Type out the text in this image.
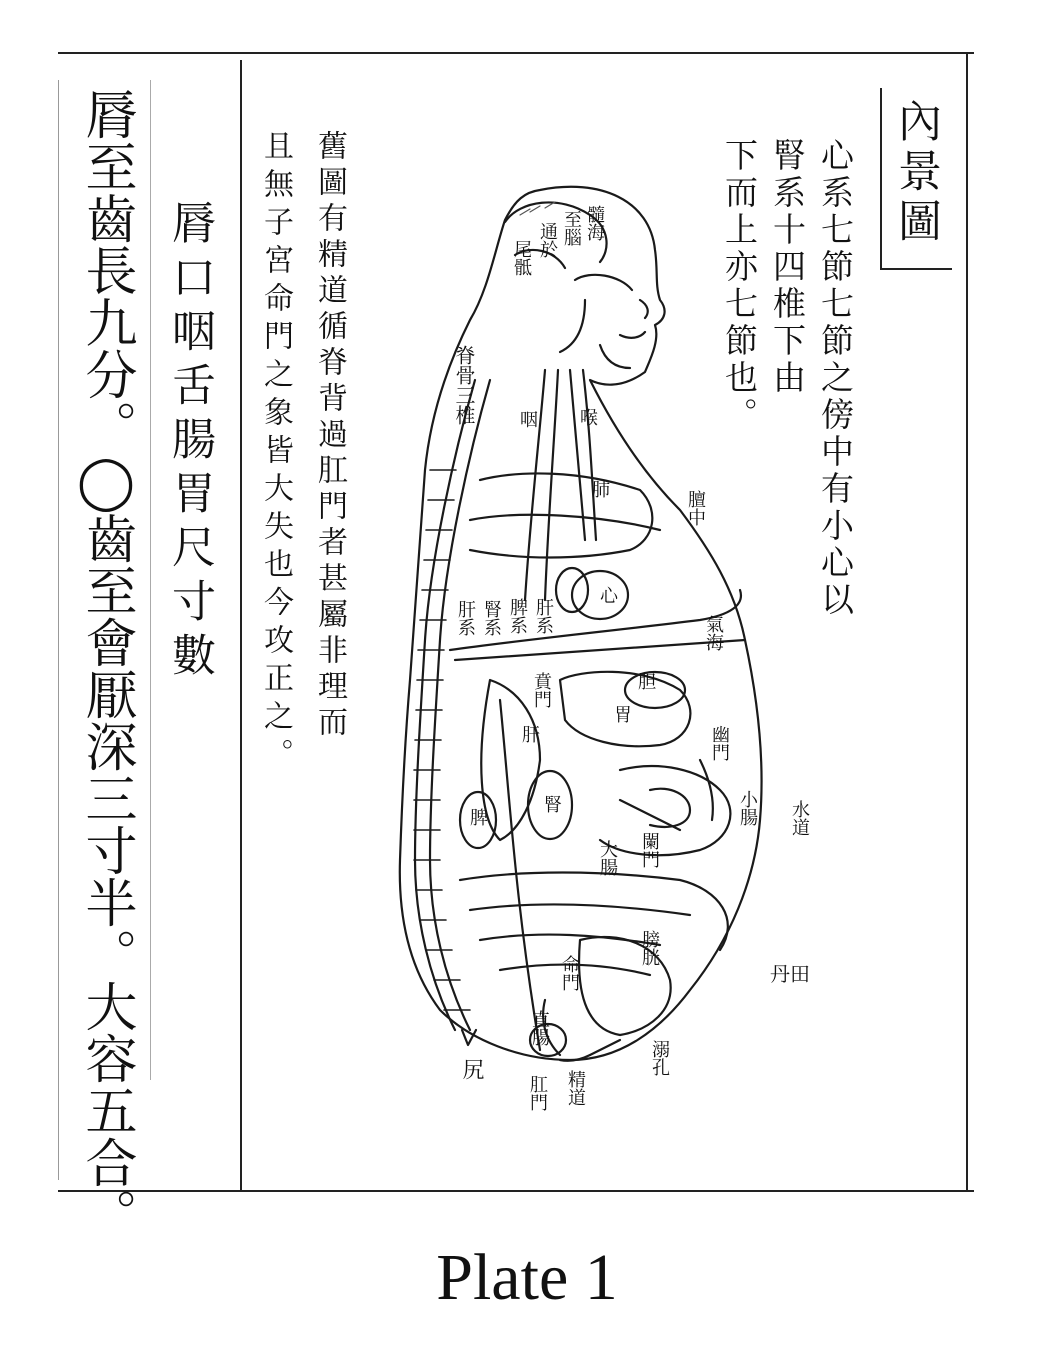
內景圖
心系七節七節之傍中有小心以
腎系十四椎下由
下而上亦七節也。
舊圖有精道循脊背過肛門者甚屬非理而
且無子宮命門之象皆大失也今攻正之。
脣至齒長九分。◯齒至會厭深三寸半。大容五合。 脣口咽舌腸胃尺寸數	髓海
至腦
通於
尾骶
脊骨三椎	喉
咽
肺
膻中
心
肝系 腎系 脾系 肝系	氣海
賁門	胆
胃
肝	幽門
小腸 水道
脾
腎
大腸 闌門
膀胱
丹田
命門
直腸
溺孔
尻
肛門 精道
Plate 1
